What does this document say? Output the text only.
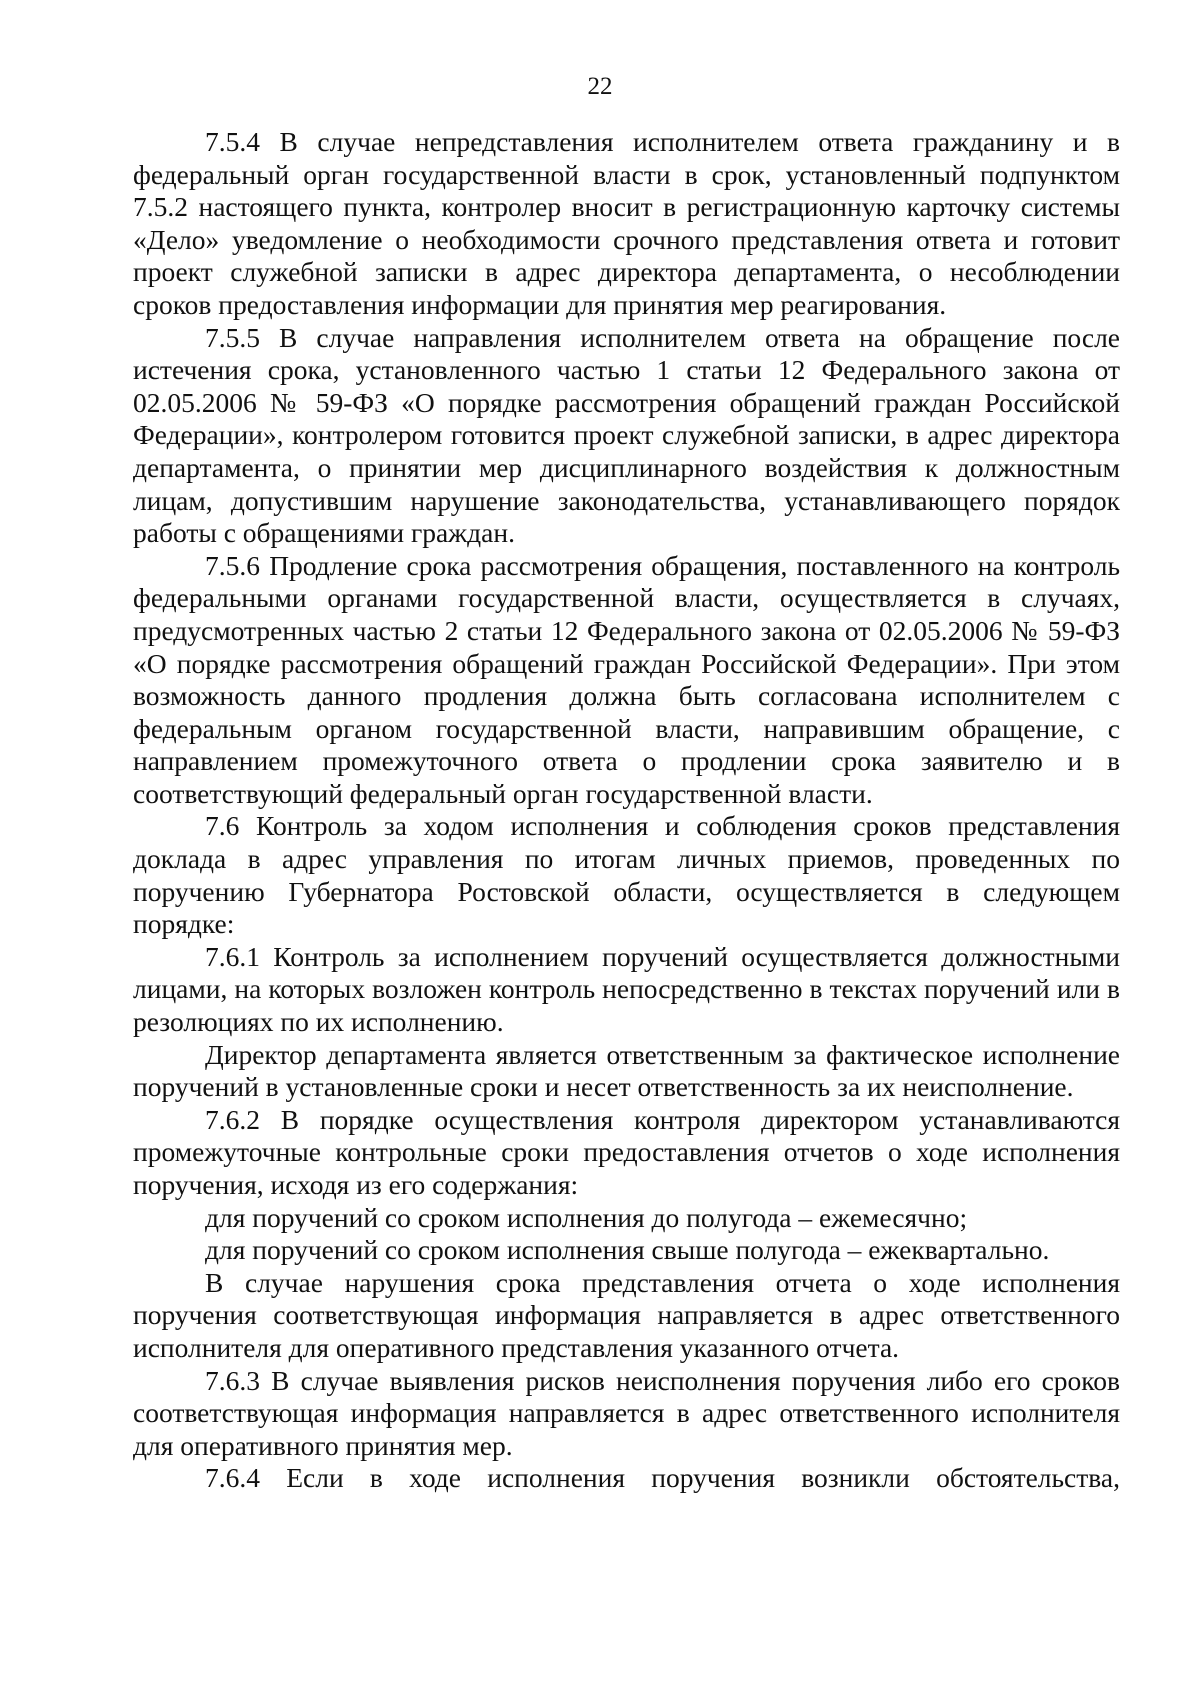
22

7.5.4 В случае непредставления исполнителем ответа гражданину и в федеральный орган государственной власти в срок, установленный подпунктом 7.5.2 настоящего пункта, контролер вносит в регистрационную карточку системы «Дело» уведомление о необходимости срочного представления ответа и готовит проект служебной записки в адрес директора департамента, о несоблюдении сроков предоставления информации для принятия мер реагирования.

7.5.5 В случае направления исполнителем ответа на обращение после истечения срока, установленного частью 1 статьи 12 Федерального закона от 02.05.2006 № 59-ФЗ «О порядке рассмотрения обращений граждан Российской Федерации», контролером готовится проект служебной записки, в адрес директора департамента, о принятии мер дисциплинарного воздействия к должностным лицам, допустившим нарушение законодательства, устанавливающего порядок работы с обращениями граждан.

7.5.6 Продление срока рассмотрения обращения, поставленного на контроль федеральными органами государственной власти, осуществляется в случаях, предусмотренных частью 2 статьи 12 Федерального закона от 02.05.2006 № 59-ФЗ «О порядке рассмотрения обращений граждан Российской Федерации». При этом возможность данного продления должна быть согласована исполнителем с федеральным органом государственной власти, направившим обращение, с направлением промежуточного ответа о продлении срока заявителю и в соответствующий федеральный орган государственной власти.

7.6 Контроль за ходом исполнения и соблюдения сроков представления доклада в адрес управления по итогам личных приемов, проведенных по поручению Губернатора Ростовской области, осуществляется в следующем порядке:

7.6.1 Контроль за исполнением поручений осуществляется должностными лицами, на которых возложен контроль непосредственно в текстах поручений или в резолюциях по их исполнению.

Директор департамента является ответственным за фактическое исполнение поручений в установленные сроки и несет ответственность за их неисполнение.

7.6.2 В порядке осуществления контроля директором устанавливаются промежуточные контрольные сроки предоставления отчетов о ходе исполнения поручения, исходя из его содержания:

для поручений со сроком исполнения до полугода – ежемесячно;

для поручений со сроком исполнения свыше полугода – ежеквартально.

В случае нарушения срока представления отчета о ходе исполнения поручения соответствующая информация направляется в адрес ответственного исполнителя для оперативного представления указанного отчета.

7.6.3 В случае выявления рисков неисполнения поручения либо его сроков соответствующая информация направляется в адрес ответственного исполнителя для оперативного принятия мер.

7.6.4 Если в ходе исполнения поручения возникли обстоятельства,
